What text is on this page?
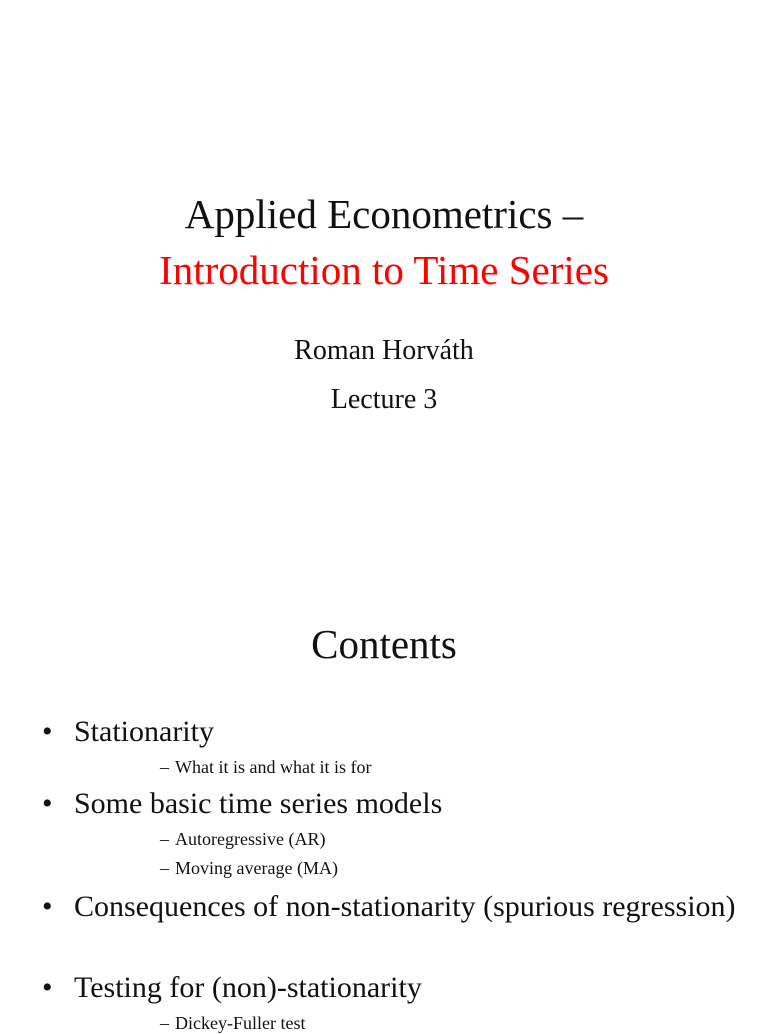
Applied Econometrics –
Introduction to Time Series
Roman Horváth
Lecture 3
Contents
• Stationarity
– What it is and what it is for
• Some basic time series models
– Autoregressive (AR)
– Moving average (MA)
• Consequences of non-stationarity (spurious regression)
• Testing for (non)-stationarity
– Dickey-Fuller test
